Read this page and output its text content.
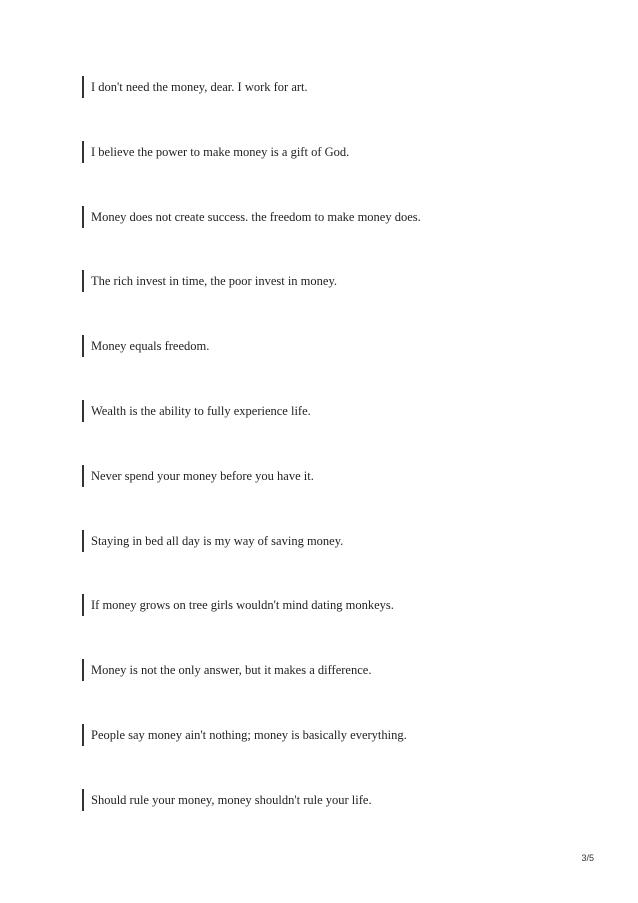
I don't need the money, dear. I work for art.
I believe the power to make money is a gift of God.
Money does not create success. the freedom to make money does.
The rich invest in time, the poor invest in money.
Money equals freedom.
Wealth is the ability to fully experience life.
Never spend your money before you have it.
Staying in bed all day is my way of saving money.
If money grows on tree girls wouldn't mind dating monkeys.
Money is not the only answer, but it makes a difference.
People say money ain't nothing; money is basically everything.
Should rule your money, money shouldn't rule your life.
3/5
